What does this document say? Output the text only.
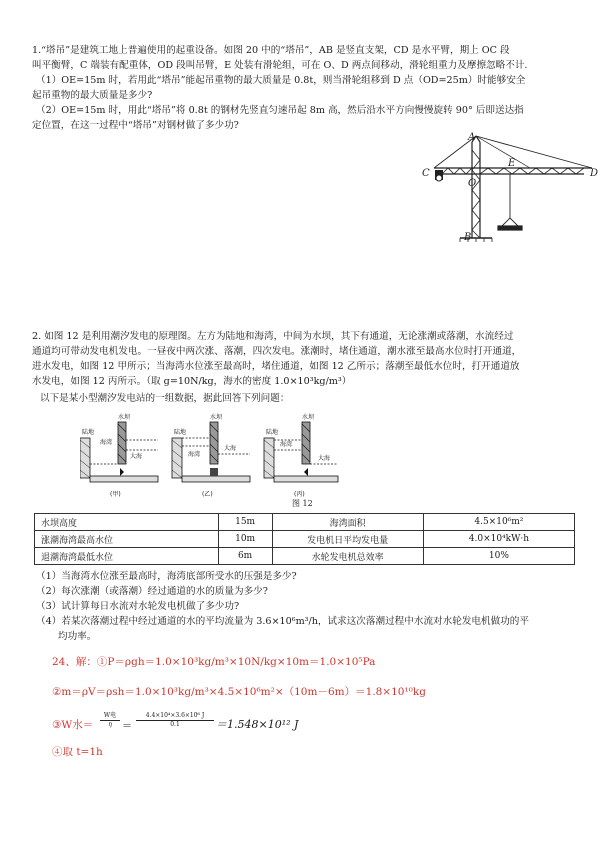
1.“塔吊”是建筑工地上普遍使用的起重设备。如图 20 中的“塔吊”，AB 是竖直支架，CD 是水平臂，期上 OC 段
叫平衡臂，C 端装有配重体，OD 段叫吊臂，E 处装有滑轮组，可在 O、D 两点间移动，滑轮组重力及摩擦忽略不计.
（1）OE=15m 时，若用此“塔吊”能起吊重物的最大质量是 0.8t，则当滑轮组移到 D 点（OD=25m）时能够安全
起吊重物的最大质量是多少?
（2）OE=15m 时，用此“塔吊”将 0.8t 的钢材先竖直匀速吊起 8m 高，然后沿水平方向慢慢旋转 90° 后即送达指
定位置，在这一过程中“塔吊”对钢材做了多少功?
A
C	D
E
O
B
2. 如图 12 是利用潮汐发电的原理图。左方为陆地和海湾，中间为水坝，其下有通道，无论涨潮或落潮，水流经过
通道均可带动发电机发电。一昼夜中两次涨、落潮，四次发电。涨潮时，堵住通道，潮水涨至最高水位时打开通道，
进水发电，如图 12 甲所示；当海湾水位涨至最高时，堵住通道，如图 12 乙所示；落潮至最低水位时，打开通道放
水发电，如图 12 丙所示。（取 g=10N/kg，海水的密度 1.0×10³kg/m³）
以下是某小型潮汐发电站的一组数据，据此回答下列问题：
陆地
海湾
水坝
大海
(甲)
陆地
海湾
水坝
大海
(乙)
陆地
海湾
水坝
大海
(丙)
图 12
水坝高度	15m	海湾面积	4.5×10⁶m²
涨潮海湾最高水位	10m	发电机日平均发电量	4.0×10⁴kW·h
退潮海湾最低水位	6m	水轮发电机总效率	10%
（1）当海湾水位涨至最高时，海湾底部所受水的压强是多少?
（2）每次涨潮（或落潮）经过通道的水的质量为多少?
（3）试计算每日水流对水轮发电机做了多少功?
（4）若某次落潮过程中经过通道的水的平均流量为 3.6×10⁶m³/h，试求这次落潮过程中水流对水轮发电机做功的平
均功率。
24、解：①P＝ρgh＝1.0×10³kg/m³×10N/kg×10m＝1.0×10⁵Pa
②m＝ρV＝ρsh＝1.0×10³kg/m³×4.5×10⁶m²×（10m－6m）＝1.8×10¹⁰kg
③W水＝
W电
η	＝ $\frac{\text{4.4×10⁴×3.6×10⁶ J}}{0.1} =1.548\times 10^{12}$ J
④取 t=1h
